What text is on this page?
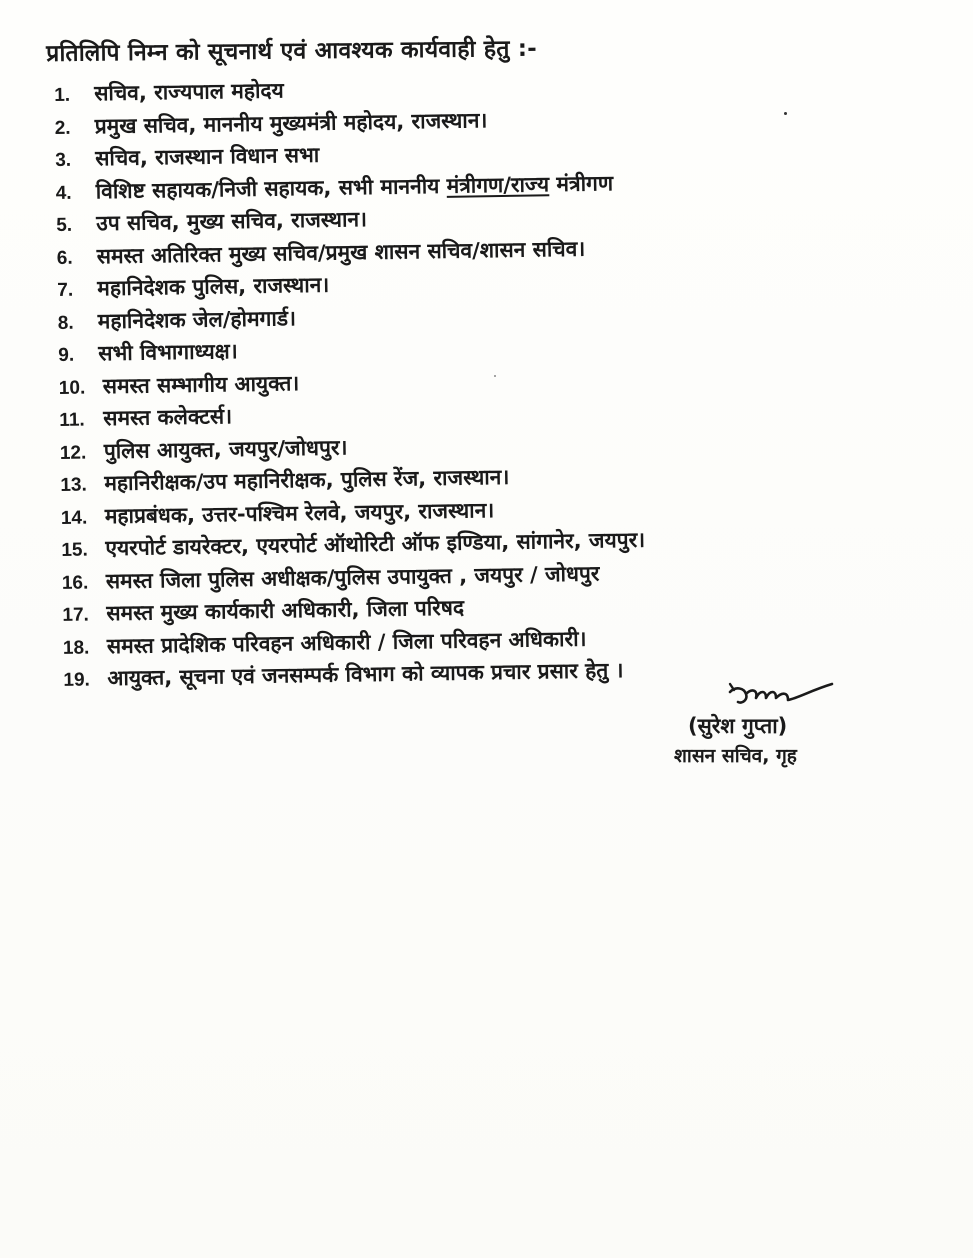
प्रतिलिपि निम्न को सूचनार्थ एवं आवश्यक कार्यवाही हेतु :-
1.	सचिव, राज्यपाल महोदय
2.	प्रमुख सचिव, माननीय मुख्यमंत्री महोदय, राजस्थान।
3.	सचिव, राजस्थान विधान सभा
4.	विशिष्ट सहायक/निजी सहायक, सभी माननीय मंत्रीगण/राज्य मंत्रीगण
5.	उप सचिव, मुख्य सचिव, राजस्थान।
6.	समस्त अतिरिक्त मुख्य सचिव/प्रमुख शासन सचिव/शासन सचिव।
7.	महानिदेशक पुलिस, राजस्थान।
8.	महानिदेशक जेल/होमगार्ड।
9.	सभी विभागाध्यक्ष।
10. समस्त सम्भागीय आयुक्त।
11. समस्त कलेक्टर्स।
12. पुलिस आयुक्त, जयपुर/जोधपुर।
13. महानिरीक्षक/उप महानिरीक्षक, पुलिस रेंज, राजस्थान।
14. महाप्रबंधक, उत्तर-पश्चिम रेलवे, जयपुर, राजस्थान।
15. एयरपोर्ट डायरेक्टर, एयरपोर्ट ऑथोरिटी ऑफ इण्डिया, सांगानेर, जयपुर।
16. समस्त जिला पुलिस अधीक्षक/पुलिस उपायुक्त , जयपुर / जोधपुर
17. समस्त मुख्य कार्यकारी अधिकारी, जिला परिषद
18. समस्त प्रादेशिक परिवहन अधिकारी / जिला परिवहन अधिकारी।
19. आयुक्त, सूचना एवं जनसम्पर्क विभाग को व्यापक प्रचार प्रसार हेतु ।
(सुरेश गुप्ता)
शासन सचिव, गृह
